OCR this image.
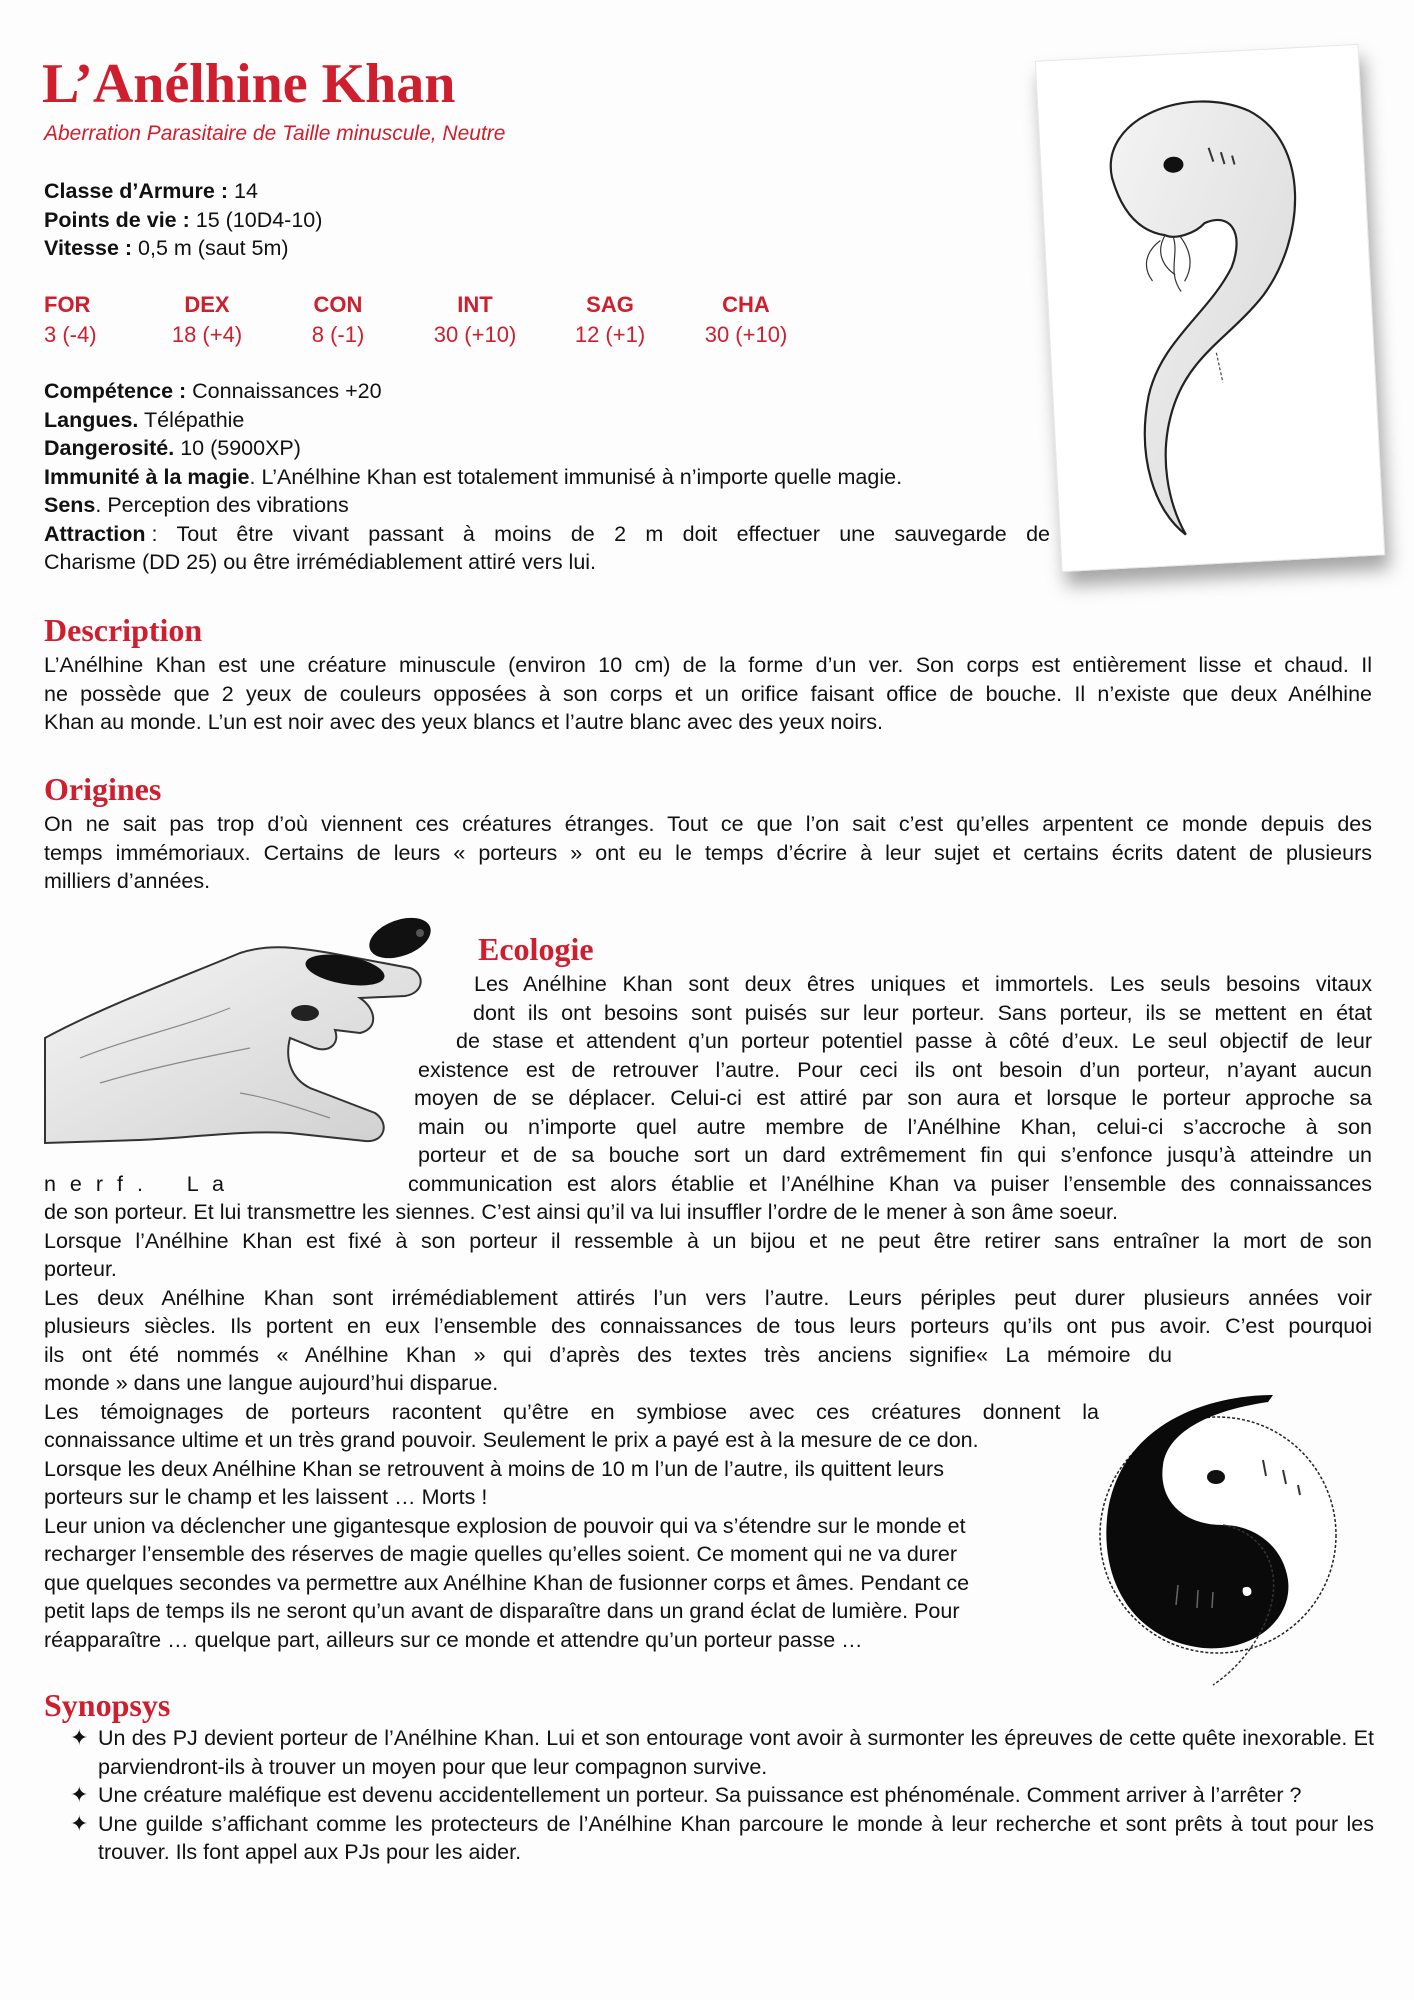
L’Anélhine Khan
Aberration Parasitaire de Taille minuscule, Neutre
Classe d’Armure : 14
Points de vie : 15 (10D4-10)
Vitesse : 0,5 m (saut 5m)
FOR
3 (-4)
DEX
18 (+4)
CON
8 (-1)
INT
30 (+10)
SAG
12 (+1)
CHA
30 (+10)
Compétence : Connaissances +20
Langues. Télépathie
Dangerosité. 10 (5900XP)
Immunité à la magie. L’Anélhine Khan est totalement immunisé à n’importe quelle magie.
Sens. Perception des vibrations
Attraction : Tout être vivant passant à moins de 2 m doit effectuer une sauvegarde de
Charisme (DD 25) ou être irrémédiablement attiré vers lui.
Description
L’Anélhine Khan est une créature minuscule (environ 10 cm) de la forme d’un ver. Son corps est entièrement lisse et chaud. Il
ne possède que 2 yeux de couleurs opposées à son corps et un orifice faisant office de bouche. Il n’existe que deux Anélhine
Khan au monde. L’un est noir avec des yeux blancs et l’autre blanc avec des yeux noirs.
Origines
On ne sait pas trop d’où viennent ces créatures étranges. Tout ce que l’on sait c’est qu’elles arpentent ce monde depuis des
temps immémoriaux. Certains de leurs « porteurs » ont eu le temps d’écrire à leur sujet et certains écrits datent de plusieurs
milliers d’années.
Ecologie
Les Anélhine Khan sont deux êtres uniques et immortels. Les seuls besoins vitaux
dont ils ont besoins sont puisés sur leur porteur. Sans porteur, ils se mettent en état
de stase et attendent q’un porteur potentiel passe à côté d’eux. Le seul objectif de leur
existence est de retrouver l’autre. Pour ceci ils ont besoin d’un porteur, n’ayant aucun
moyen de se déplacer. Celui-ci est attiré par son aura et lorsque le porteur approche sa
main ou n’importe quel autre membre de l’Anélhine Khan, celui-ci s’accroche à son
porteur et de sa bouche sort un dard extrêmement fin qui s’enfonce jusqu’à atteindre un
n e r f .    L a	communication est alors établie et l’Anélhine Khan va puiser l’ensemble des connaissances
de son porteur. Et lui transmettre les siennes. C’est ainsi qu’il va lui insuffler l’ordre de le mener à son âme soeur.
Lorsque l’Anélhine Khan est fixé à son porteur il ressemble à un bijou et ne peut être retirer sans entraîner la mort de son
porteur.
Les deux Anélhine Khan sont irrémédiablement attirés l’un vers l’autre. Leurs périples peut durer plusieurs années voir
plusieurs siècles. Ils portent en eux l’ensemble des connaissances de tous leurs porteurs qu’ils ont pus avoir. C’est pourquoi
ils ont été nommés « Anélhine Khan » qui d’après des textes très anciens signifie« La mémoire du
monde » dans une langue aujourd’hui disparue.
Les témoignages de porteurs racontent qu’être en symbiose avec ces créatures donnent la
connaissance ultime et un très grand pouvoir. Seulement le prix a payé est à la mesure de ce don.
Lorsque les deux Anélhine Khan se retrouvent à moins de 10 m l’un de l’autre, ils quittent leurs
porteurs sur le champ et les laissent … Morts !
Leur union va déclencher une gigantesque explosion de pouvoir qui va s’étendre sur le monde et
recharger l’ensemble des réserves de magie quelles qu’elles soient. Ce moment qui ne va durer
que quelques secondes va permettre aux Anélhine Khan de fusionner corps et âmes. Pendant ce
petit laps de temps ils ne seront qu’un avant de disparaître dans un grand éclat de lumière. Pour
réapparaître … quelque part, ailleurs sur ce monde et attendre qu’un porteur passe …
Synopsys
✦ Un des PJ devient porteur de l’Anélhine Khan. Lui et son entourage vont avoir à surmonter les épreuves de cette quête inexorable. Et parviendront-ils à trouver un moyen pour que leur compagnon survive.
✦ Une créature maléfique est devenu accidentellement un porteur. Sa puissance est phénoménale. Comment arriver à l’arrêter ?
✦ Une guilde s’affichant comme les protecteurs de l’Anélhine Khan parcoure le monde à leur recherche et sont prêts à tout pour les trouver. Ils font appel aux PJs pour les aider.
